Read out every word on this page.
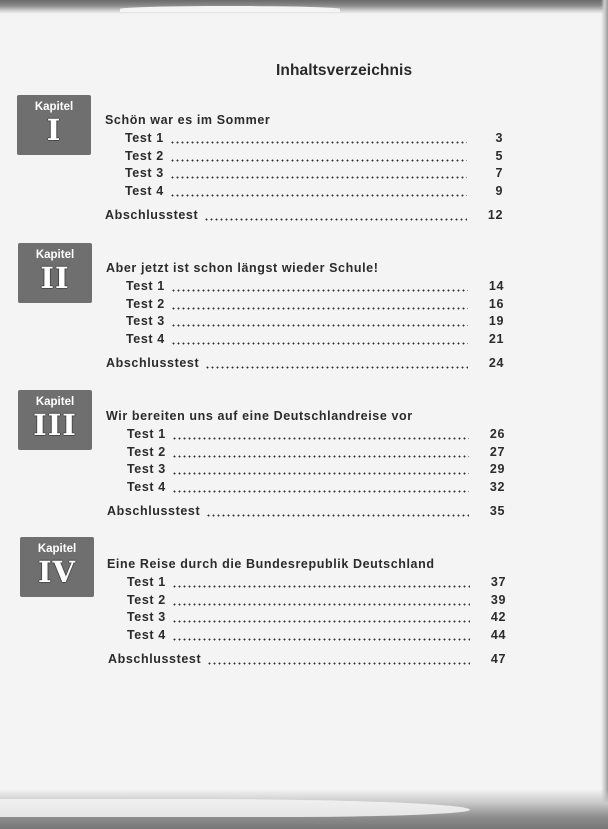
Inhaltsverzeichnis
Kapitel
I	Schön war es im Sommer
Test 1	3
Test 2	5
Test 3	7
Test 4	9
Abschlusstest	12
Kapitel
II	Aber jetzt ist schon längst wieder Schule!
Test 1	14
Test 2	16
Test 3	19
Test 4	21
Abschlusstest	24
Kapitel
III	Wir bereiten uns auf eine Deutschlandreise vor
Test 1	26
Test 2	27
Test 3	29
Test 4	32
Abschlusstest	35
Kapitel
IV	Eine Reise durch die Bundesrepublik Deutschland
Test 1	37
Test 2	39
Test 3	42
Test 4	44
Abschlusstest	47
